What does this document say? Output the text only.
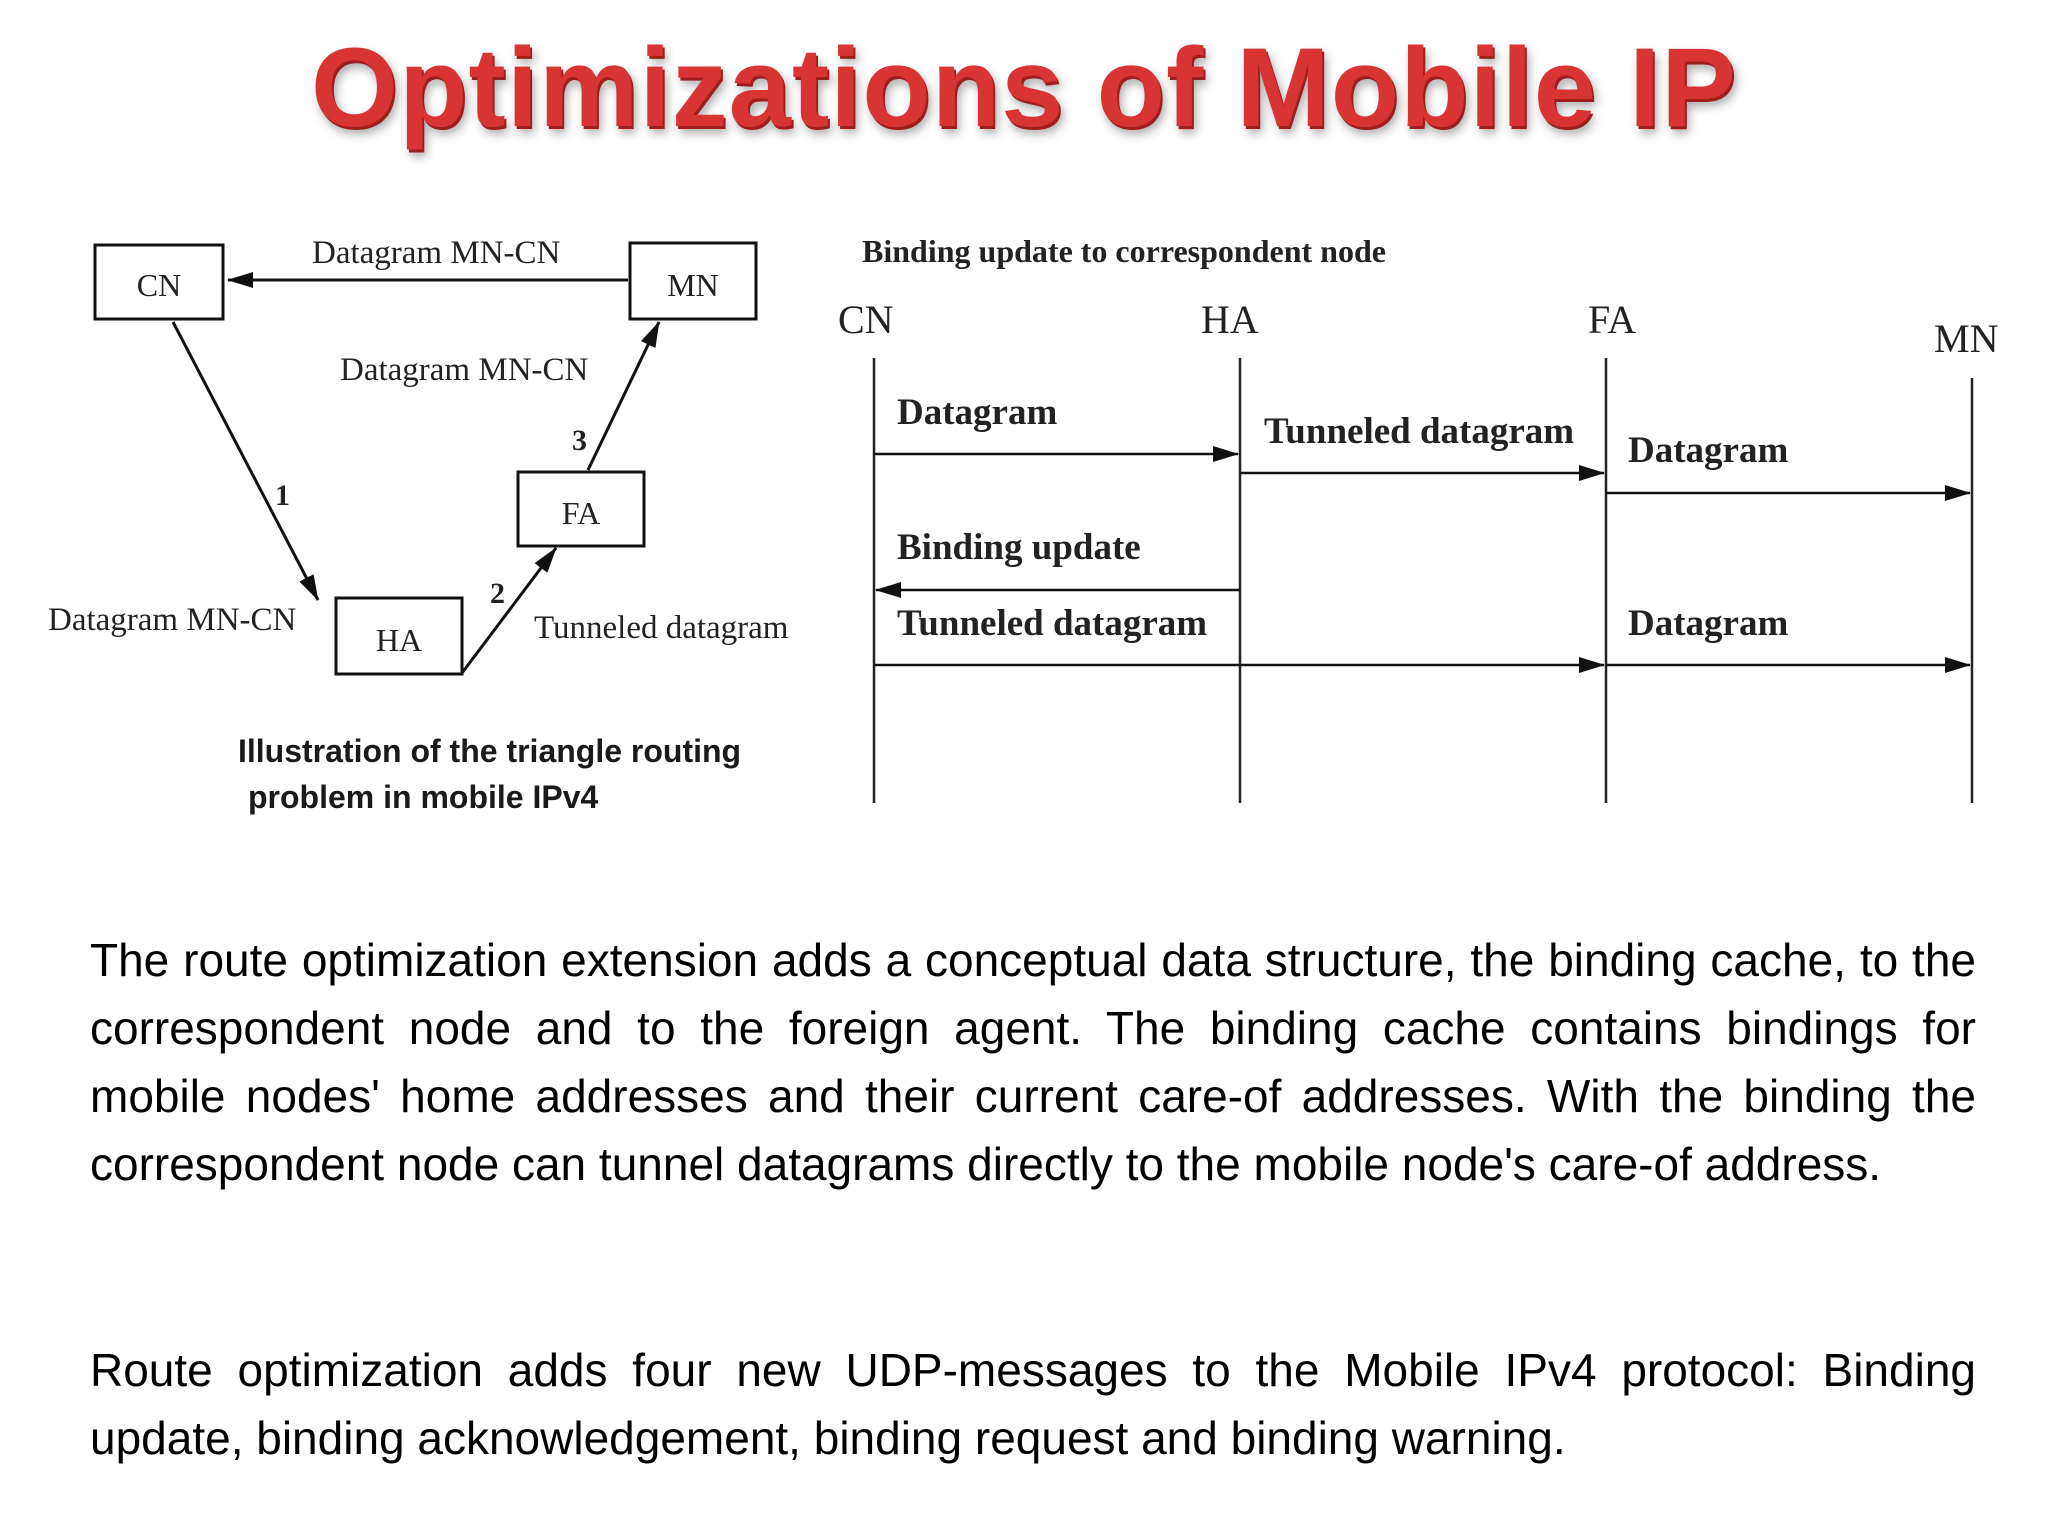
Optimizations of Mobile IP
CN	MN
FA
HA
Datagram MN-CN
Datagram MN-CN
Datagram MN-CN	Tunneled datagram
1
2
3
Binding update to correspondent node
CN	HA	FA	MN
Datagram	Tunneled datagram Datagram
Binding update
Tunneled datagram	Datagram
Illustration of the triangle routing
problem in mobile IPv4

The route optimization extension adds a conceptual data structure, the binding cache, to the correspondent node and to the foreign agent. The binding cache contains bindings for mobile nodes' home addresses and their current care-of addresses. With the binding the correspondent node can tunnel datagrams directly to the mobile node's care-of address.

Route optimization adds four new UDP-messages to the Mobile IPv4 protocol: Binding update, binding acknowledgement, binding request and binding warning.
